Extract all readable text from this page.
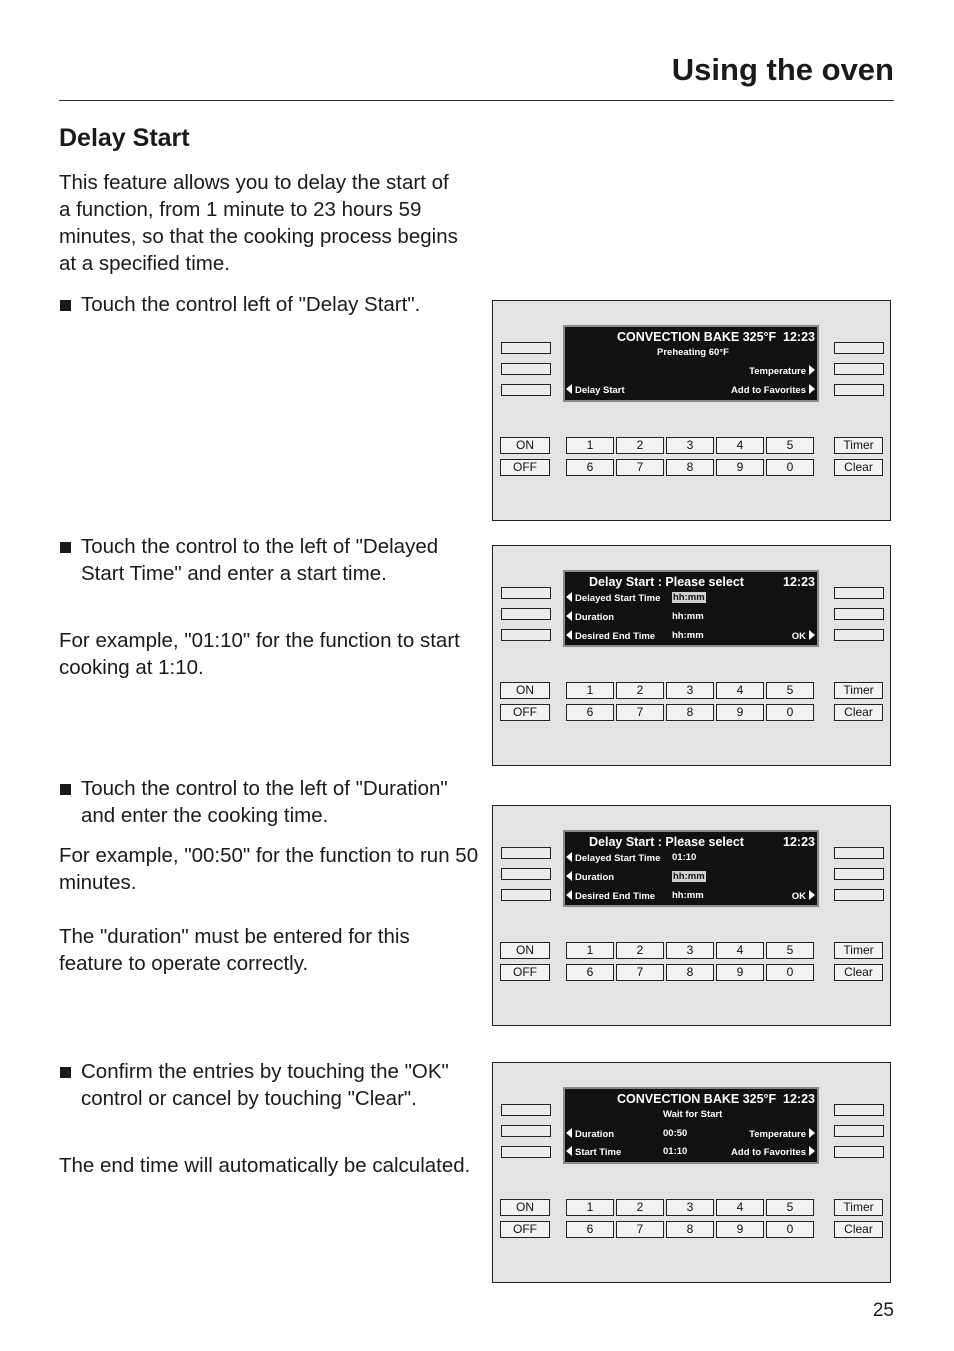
Using the oven
Delay Start
This feature allows you to delay the start of a function, from 1 minute to 23 hours 59 minutes, so that the cooking process begins at a specified time.
Touch the control left of "Delay Start".
Touch the control to the left of "Delayed Start Time" and enter a start time.
For example, "01:10" for the function to start cooking at 1:10.
Touch the control to the left of "Duration" and enter the cooking time.
For example, "00:50" for the function to run 50 minutes.
The "duration" must be entered for this feature to operate correctly.
Confirm the entries by touching the "OK" control or cancel by touching "Clear".
The end time will automatically be calculated.
CONVECTION BAKE 325°F 12:23
Preheating 60°F
Temperature
Delay Start	Add to Favorites
ON
OFF
1	2	3	4	5
6	7	8	9	0
Timer
Clear
Delay Start : Please select	12:23
Delayed Start Time hh:mm
Duration	hh:mm
Desired End Time hh:mm	OK
ON
OFF
1	2	3	4	5
6	7	8	9	0
Timer
Clear
Delay Start : Please select	12:23
Delayed Start Time 01:10
Duration	hh:mm
Desired End Time hh:mm	OK
ON
OFF
1	2	3	4	5
6	7	8	9	0
Timer
Clear
CONVECTION BAKE 325°F 12:23
Wait for Start
Duration	00:50	Temperature
Start Time	01:10	Add to Favorites
ON
OFF
1	2	3	4	5
6	7	8	9	0
Timer
Clear
25
